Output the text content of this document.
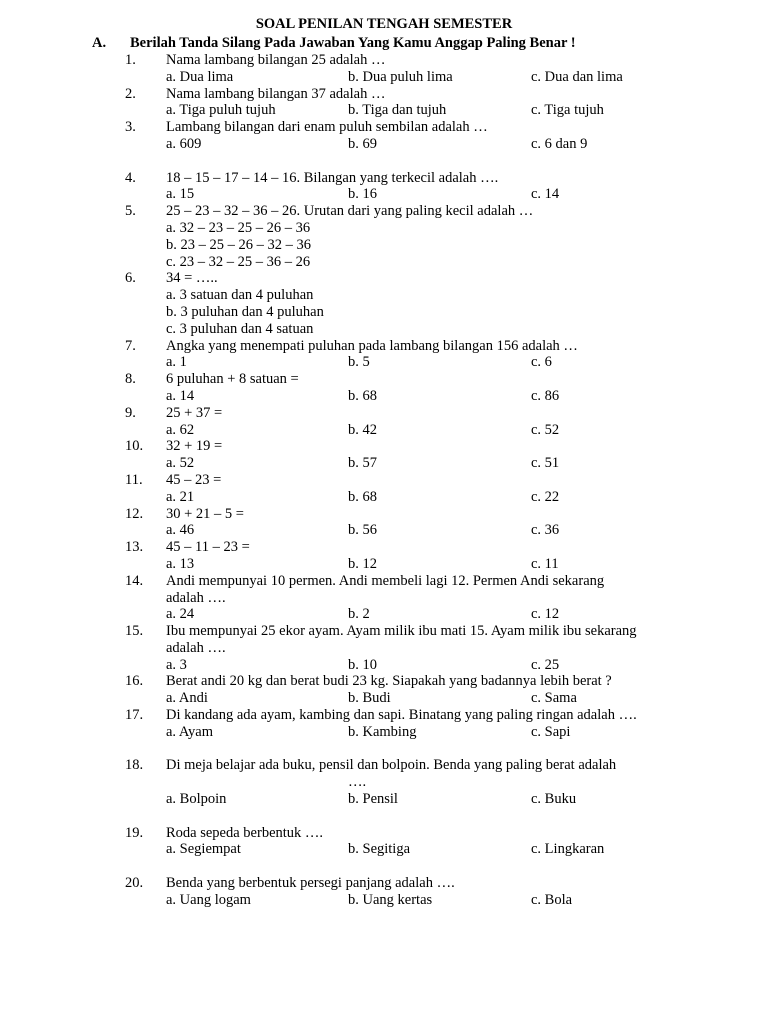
SOAL PENILAN TENGAH SEMESTER
A. Berilah Tanda Silang Pada Jawaban Yang Kamu Anggap Paling Benar !
1.	Nama lambang bilangan 25 adalah …
a. Dua lima	b. Dua puluh lima	c. Dua dan lima
2.	Nama lambang bilangan 37 adalah …
a. Tiga puluh tujuh	b. Tiga dan tujuh	c. Tiga tujuh
3.	Lambang bilangan dari enam puluh sembilan adalah …
a. 609	b. 69	c. 6 dan 9
4.	18 – 15 – 17 – 14 – 16. Bilangan yang terkecil adalah ….
a. 15	b. 16	c. 14
5.	25 – 23 – 32 – 36 – 26. Urutan dari yang paling kecil adalah …
a. 32 – 23 – 25 – 26 – 36
b. 23 – 25 – 26 – 32 – 36
c. 23 – 32 – 25 – 36 – 26
6.	34 = …..
a. 3 satuan dan 4 puluhan
b. 3 puluhan dan 4 puluhan
c. 3 puluhan dan 4 satuan
7.	Angka yang menempati puluhan pada lambang bilangan 156 adalah …
a. 1	b. 5	c. 6
8.	6 puluhan + 8 satuan =
a. 14	b. 68	c. 86
9.	25 + 37 =
a. 62	b. 42	c. 52
10.	32 + 19 =
a. 52	b. 57	c. 51
11.	45 – 23 =
a. 21	b. 68	c. 22
12.	30 + 21 – 5 =
a. 46	b. 56	c. 36
13.	45 – 11 – 23 =
a. 13	b. 12	c. 11
14.	Andi mempunyai 10 permen. Andi membeli lagi 12. Permen Andi sekarang
adalah ….
a. 24	b. 2	c. 12
15.	Ibu mempunyai 25 ekor ayam. Ayam milik ibu mati 15. Ayam milik ibu sekarang
adalah ….
a. 3	b. 10	c. 25
16.	Berat andi 20 kg dan berat budi 23 kg. Siapakah yang badannya lebih berat ?
a. Andi	b. Budi	c. Sama
17.	Di kandang ada ayam, kambing dan sapi. Binatang yang paling ringan adalah ….
a. Ayam	b. Kambing	c. Sapi
18.	Di meja belajar ada buku, pensil dan bolpoin. Benda yang paling berat adalah
….
a. Bolpoin	b. Pensil	c. Buku
19.	Roda sepeda berbentuk ….
a. Segiempat	b. Segitiga	c. Lingkaran
20.	Benda yang berbentuk persegi panjang adalah ….
a. Uang logam	b. Uang kertas	c. Bola
